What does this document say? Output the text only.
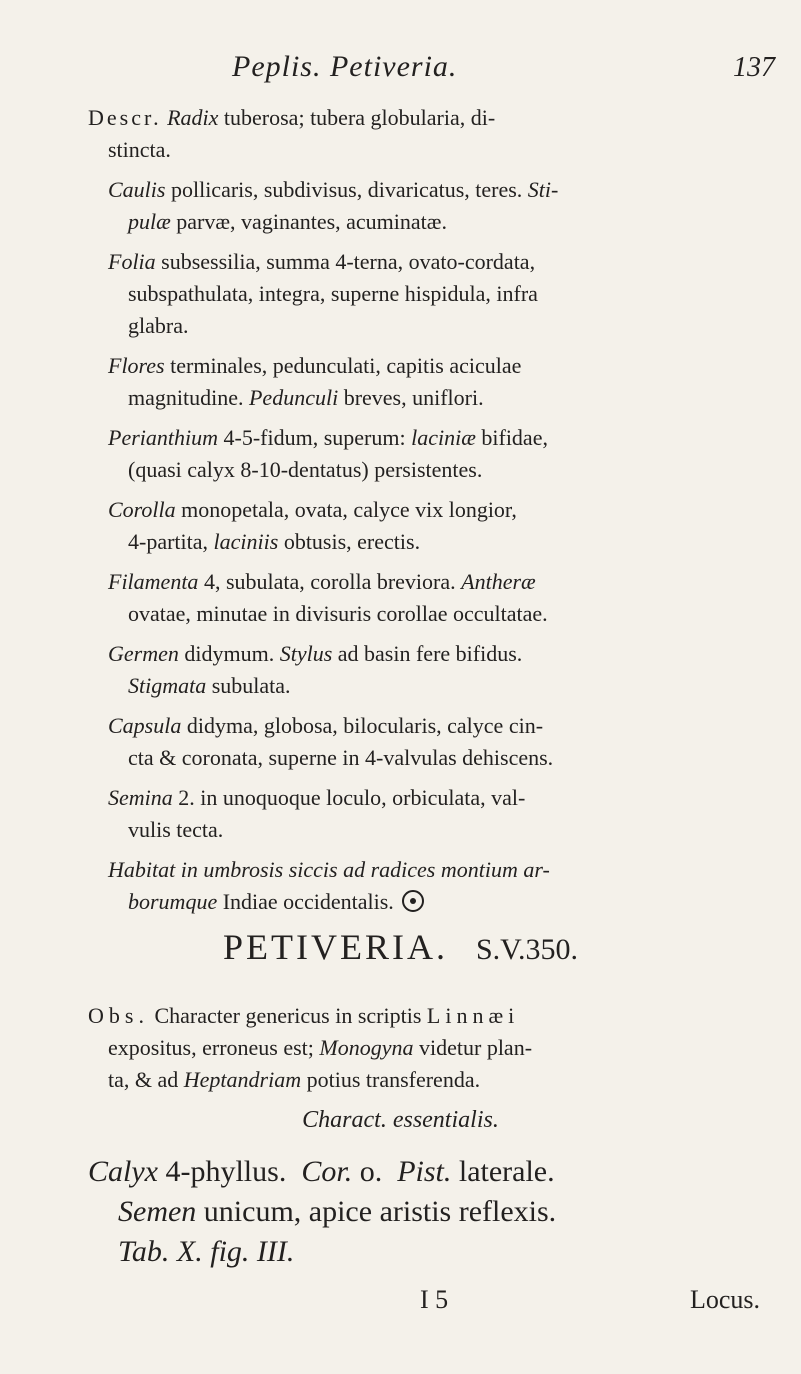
Peplis. Petiveria.	137

Descr. Radix tuberosa; tubera globularia, di-
stincta.

Caulis pollicaris, subdivisus, divaricatus, teres. Sti-
pulæ parvæ, vaginantes, acuminatæ.

Folia subsessilia, summa 4-terna, ovato-cordata,
subspathulata, integra, superne hispidula, infra
glabra.

Flores terminales, pedunculati, capitis aciculae
magnitudine. Pedunculi breves, uniflori.

Perianthium 4-5-fidum, superum: laciniæ bifidae,
(quasi calyx 8-10-dentatus) persistentes.

Corolla monopetala, ovata, calyce vix longior,
4-partita, laciniis obtusis, erectis.

Filamenta 4, subulata, corolla breviora. Antheræ
ovatae, minutae in divisuris corollae occultatae.

Germen didymum. Stylus ad basin fere bifidus.
Stigmata subulata.

Capsula didyma, globosa, bilocularis, calyce cin-
cta & coronata, superne in 4-valvulas dehiscens.

Semina 2. in unoquoque loculo, orbiculata, val-
vulis tecta.

Habitat in umbrosis siccis ad radices montium ar-
borumque Indiae occidentalis.

PETIVERIA. S.V.350.
Obs. Character genericus in scriptis Linnæi
expositus, erroneus est; Monogyna videtur plan-
ta, & ad Heptandriam potius transferenda.
Charact. essentialis.
Calyx 4-phyllus. Cor. o. Pist. laterale.
Semen unicum, apice aristis reflexis.
Tab. X. fig. III.
I 5	Locus.
